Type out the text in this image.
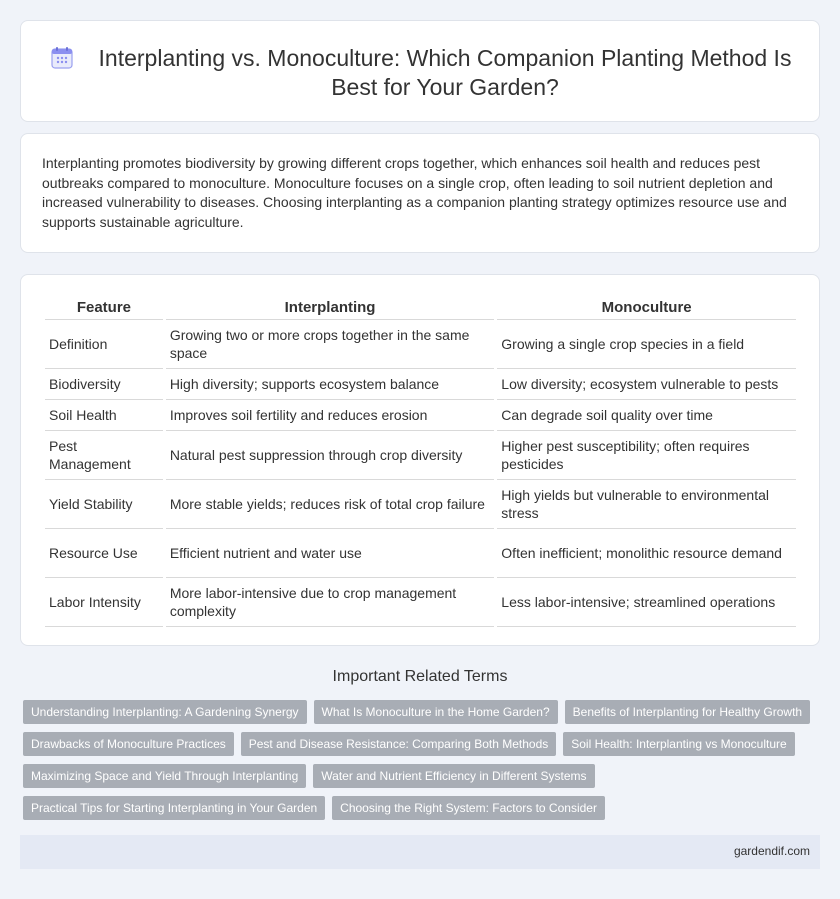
Interplanting vs. Monoculture: Which Companion Planting Method Is Best for Your Garden?

Interplanting promotes biodiversity by growing different crops together, which enhances soil health and reduces pest outbreaks compared to monoculture. Monoculture focuses on a single crop, often leading to soil nutrient depletion and increased vulnerability to diseases. Choosing interplanting as a companion planting strategy optimizes resource use and supports sustainable agriculture.

Feature	Interplanting	Monoculture
Definition	Growing two or more crops together in the same space	Growing a single crop species in a field
Biodiversity	High diversity; supports ecosystem balance	Low diversity; ecosystem vulnerable to pests
Soil Health	Improves soil fertility and reduces erosion	Can degrade soil quality over time
Pest Management	Natural pest suppression through crop diversity	Higher pest susceptibility; often requires pesticides
Yield Stability	More stable yields; reduces risk of total crop failure	High yields but vulnerable to environmental stress
Resource Use	Efficient nutrient and water use	Often inefficient; monolithic resource demand
Labor Intensity	More labor-intensive due to crop management complexity	Less labor-intensive; streamlined operations
Important Related Terms
Understanding Interplanting: A Gardening Synergy	What Is Monoculture in the Home Garden?	Benefits of Interplanting for Healthy Growth
Drawbacks of Monoculture Practices	Pest and Disease Resistance: Comparing Both Methods	Soil Health: Interplanting vs Monoculture
Maximizing Space and Yield Through Interplanting	Water and Nutrient Efficiency in Different Systems
Practical Tips for Starting Interplanting in Your Garden	Choosing the Right System: Factors to Consider
gardendif.com
